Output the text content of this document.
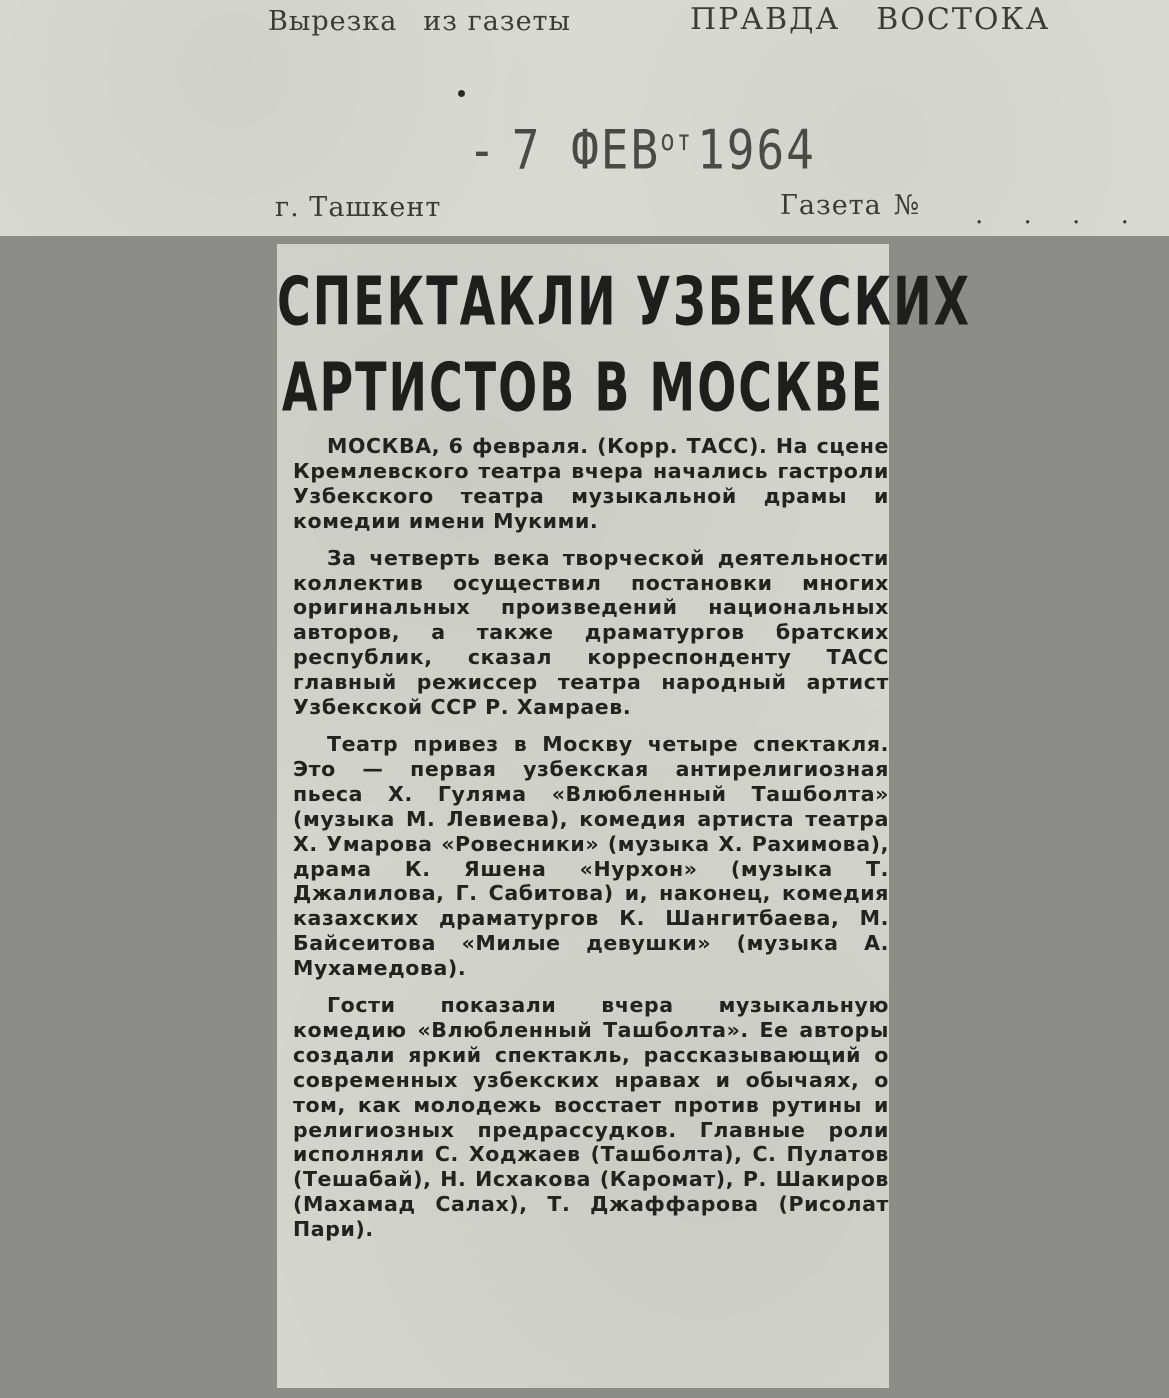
Вырезка из газеты	ПРАВДА ВОСТОКА
- 7 $ФЕВ^{от}1964$
г. Ташкент	Газета № . . . .
СПЕКТАКЛИ УЗБЕКСКИХ
АРТИСТОВ В МОСКВЕ

МОСКВА, 6 февраля. (Корр. ТАСС). На сцене Кремлевского театра вчера начались гастроли Узбекского театра музыкальной драмы и комедии имени Мукими.

За четверть века творческой деятельности коллектив осуществил постановки многих оригинальных произведений национальных авторов, а также драматургов братских республик, сказал корреспонденту ТАСС главный режиссер театра народный артист Узбекской ССР Р. Хамраев.

Театр привез в Москву четыре спектакля. Это — первая узбекская антирелигиозная пьеса Х. Гуляма «Влюбленный Ташболта» (музыка М. Левиева), комедия артиста театра Х. Умарова «Ровесники» (музыка Х. Рахимова), драма К. Яшена «Нурхон» (музыка Т. Джалилова, Г. Сабитова) и, наконец, комедия казахских драматургов К. Шангитбаева, М. Байсеитова «Милые девушки» (музыка А. Мухамедова).

Гости показали вчера музыкальную комедию «Влюбленный Ташболта». Ее авторы создали яркий спектакль, рассказывающий о современных узбекских нравах и обычаях, о том, как молодежь восстает против рутины и религиозных предрассудков. Главные роли исполняли С. Ходжаев (Ташболта), С. Пулатов (Тешабай), Н. Исхакова (Каромат), Р. Шакиров (Махамад Салах), Т. Джаффарова (Рисолат Пари).
